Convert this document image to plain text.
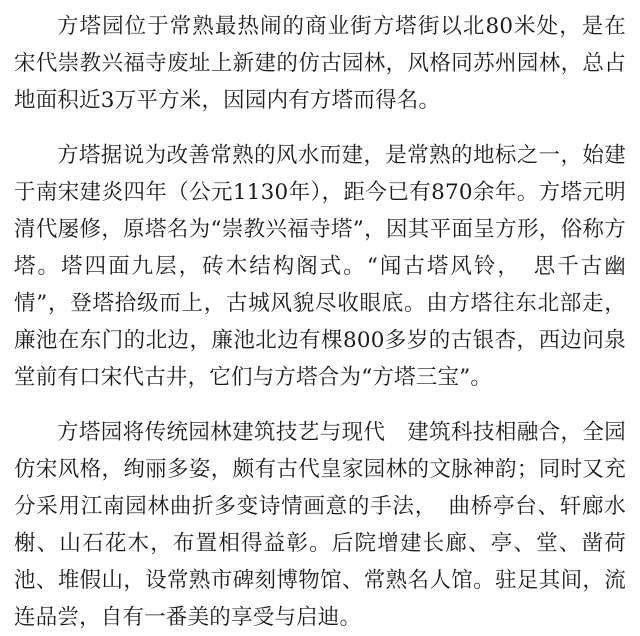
方塔园位于常熟最热闹的商业街方塔街以北80米处，是在宋代崇教兴福寺废址上新建的仿古园林，风格同苏州园林，总占地面积近3万平方米，因园内有方塔而得名。

方塔据说为改善常熟的风水而建，是常熟的地标之一，始建于南宋建炎四年（公元1130年），距今已有870余年。方塔元明清代屡修，原塔名为“崇教兴福寺塔”，因其平面呈方形，俗称方塔。塔四面九层，砖木结构阁式。“闻古塔风铃，　思千古幽情”，登塔拾级而上，古城风貌尽收眼底。由方塔往东北部走，廉池在东门的北边，廉池北边有棵800多岁的古银杏，西边问泉堂前有口宋代古井，它们与方塔合为“方塔三宝”。

方塔园将传统园林建筑技艺与现代　建筑科技相融合，全园仿宋风格，绚丽多姿，颇有古代皇家园林的文脉神韵；同时又充分采用江南园林曲折多变诗情画意的手法，　曲桥亭台、轩廊水榭、山石花木，布置相得益彰。后院增建长廊、亭、堂、凿荷池、堆假山，设常熟市碑刻博物馆、常熟名人馆。驻足其间，流连品尝，自有一番美的享受与启迪。
